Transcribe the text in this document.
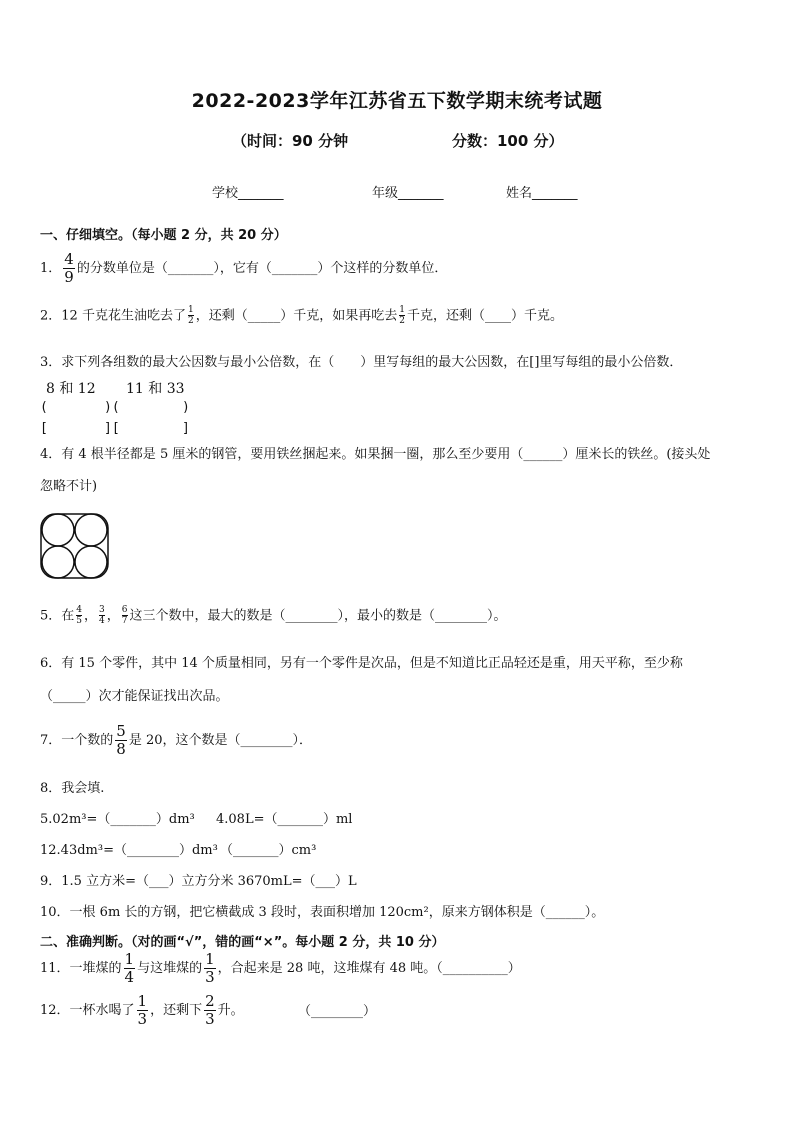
2022-2023学年江苏省五下数学期末统考试题
（时间：90 分钟	分数：100 分）
学校_______	年级_______	姓名_______
一、仔细填空。（每小题 2 分，共 20 分）
1． $\frac{4}{9}$ 的分数单位是（_______），它有（_______）个这样的分数单位．
2．12 千克花生油吃去了 $\frac{1}{2}$ ，还剩（_____）千克，如果再吃去 $\frac{1}{2}$ 千克，还剩（____）千克。
3．求下列各组数的最大公因数与最小公倍数，在（　　）里写每组的最大公因数，在[]里写每组的最小公倍数．
8 和 12 11 和 33
(	)(	)
[	][	]
4．有 4 根半径都是 5 厘米的钢管，要用铁丝捆起来。如果捆一圈，那么至少要用（______）厘米长的铁丝。(接头处
忽略不计)
5．在 $\frac{4}{5}$ ， $\frac{3}{4}$ ， $\frac{6}{7}$ 这三个数中，最大的数是（________），最小的数是（________）。
6．有 15 个零件，其中 14 个质量相同，另有一个零件是次品，但是不知道比正品轻还是重，用天平称，至少称
（_____）次才能保证找出次品。
7．一个数的 $\frac{5}{8}$ 是 20，这个数是（________）．
8．我会填.
5.02m³=（_______）dm³ 4.08L=（_______）ml
12.43dm³=（________）dm³ （_______）cm³
9．1.5 立方米=（___）立方分米 3670mL=（___）L
10．一根 6m 长的方钢，把它横截成 3 段时，表面积增加 120cm²，原来方钢体积是（______）。
二、准确判断。（对的画“√”，错的画“×”。每小题 2 分，共 10 分）
11．一堆煤的 $\frac{1}{4}$ 与这堆煤的 $\frac{1}{3}$ ，合起来是 28 吨，这堆煤有 48 吨。（__________）
12．一杯水喝了 $\frac{1}{3}$ ，还剩下 $\frac{2}{3}$ 升。	（________）
